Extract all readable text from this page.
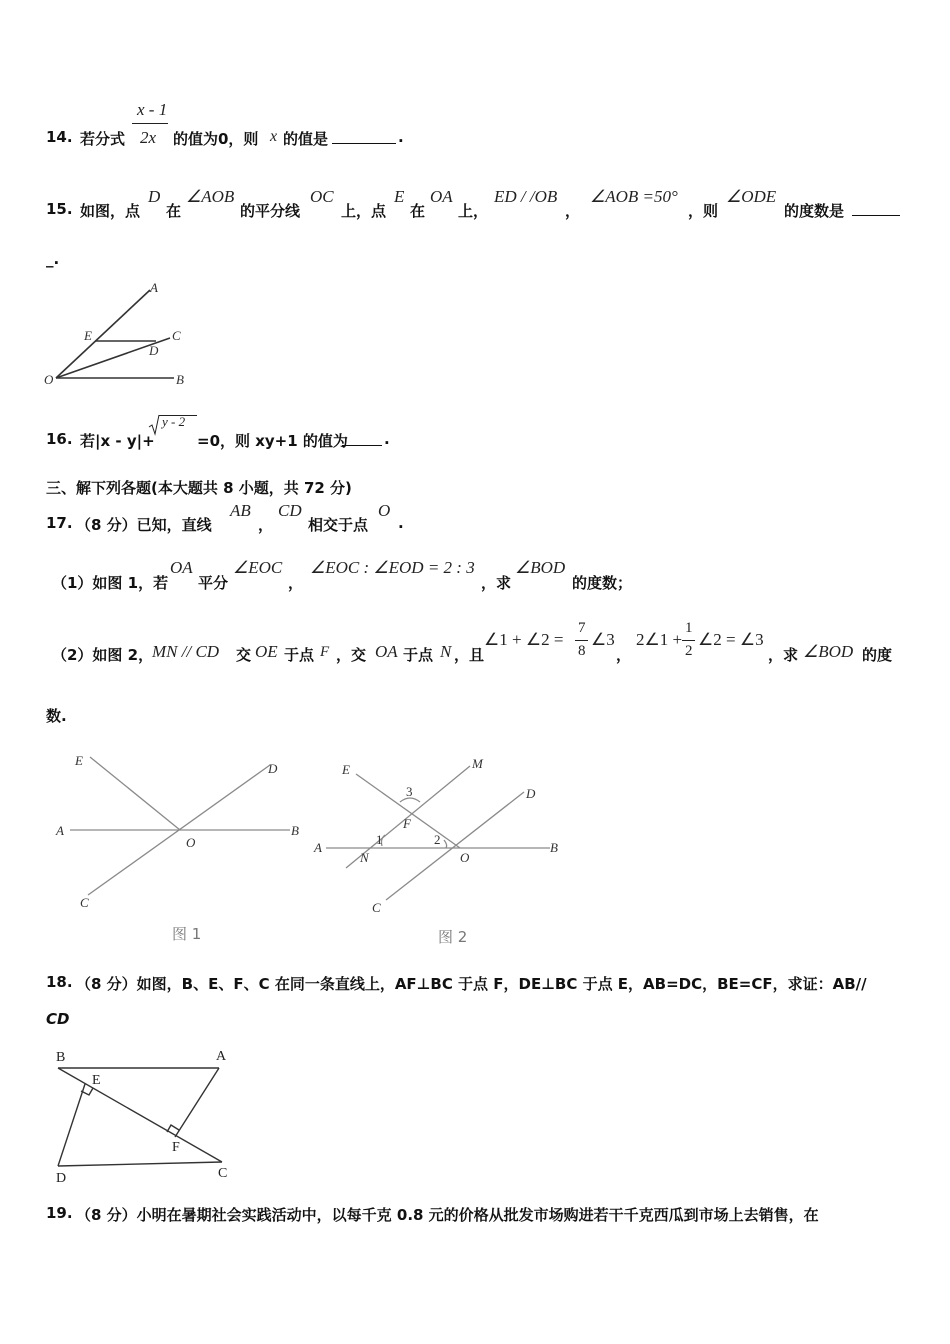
x - 1
2x
14. 若分式	的值为0，则 x 的值是	.
15. 如图，点
D
在
∠AOB
的平分线
OC
上，点
E
在
OA
上，
ED / /OB
，
∠AOB =50°
，则
∠ODE
的度数是
_.
A
E	C
D
O	B
16. 若|x - y|+
y - 2
=0，则 xy+1 的值为 .
三、解下列各题(本大题共 8 小题，共 72 分)
17. （8 分）已知，直线
AB
，
CD
相交于点
O
.
（1）如图 1，若
OA
平分
∠EOC
，
∠EOC : ∠EOD = 2 : 3
，求
∠BOD
的度数；
（2）如图 2，
MN // CD 交 OE 于点 F ，交 OA 于点 N ，且
∠1 + ∠2 =
7
8
∠3
，
2∠1 +
1
2
∠2 = ∠3
，求 ∠BOD 的度
数.
E
D
A	B
O
C
图 1
E	M
D
A	B
N	O
F
1	2
3
C
图 2
18. （8 分）如图，B、E、F、C 在同一条直线上，AF⊥BC 于点 F，DE⊥BC 于点 E，AB=DC，BE=CF，求证：AB//
CD
B	A
E
F
D	C
19. （8 分）小明在暑期社会实践活动中，以每千克 0.8 元的价格从批发市场购进若干千克西瓜到市场上去销售，在
